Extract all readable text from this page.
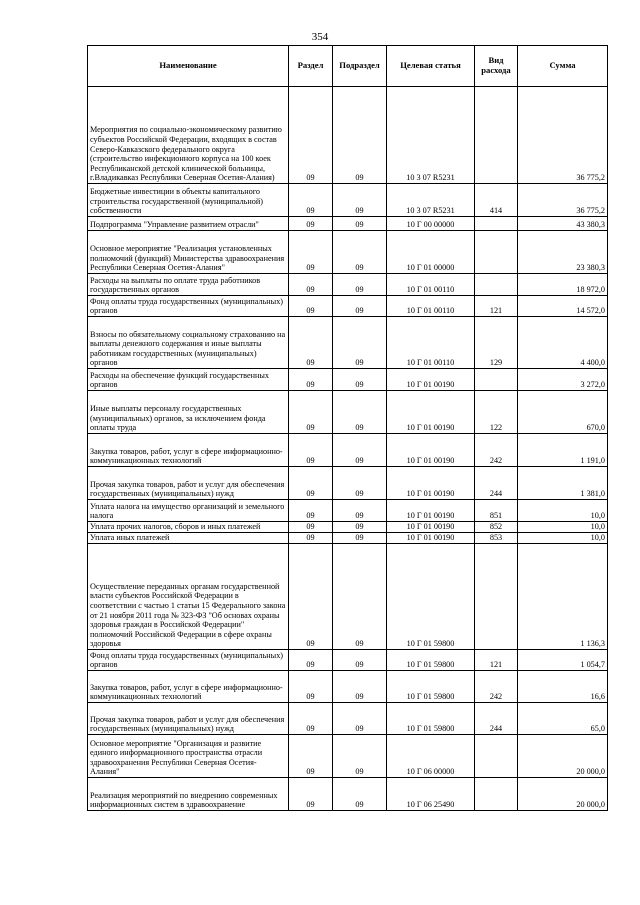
354
Наименование	Раздел	Подраздел	Целевая статья	Вид расхода	Сумма
Мероприятия по социально-экономическому развитию субъектов Российской Федерации, входящих в состав Северо-Кавказского федерального округа (строительство инфекционного корпуса на 100 коек Республиканской детской клинической больницы, г.Владикавказ Республики Северная Осетия-Алания)	09	09	10 3 07 R5231		36 775,2
Бюджетные инвестиции в объекты капитального строительства государственной (муниципальной) собственности	09	09	10 3 07 R5231	414	36 775,2
Подпрограмма "Управление развитием отрасли"	09	09	10 Г 00 00000		43 380,3
Основное мероприятие "Реализация установленных полномочий (функций) Министерства здравоохранения Республики Северная Осетия-Алания"	09	09	10 Г 01 00000		23 380,3
Расходы на выплаты по оплате труда работников государственных органов	09	09	10 Г 01 00110		18 972,0
Фонд оплаты труда государственных (муниципальных) органов	09	09	10 Г 01 00110	121	14 572,0
Взносы по обязательному социальному страхованию на выплаты денежного содержания и иные выплаты работникам государственных (муниципальных) органов	09	09	10 Г 01 00110	129	4 400,0
Расходы на обеспечение функций государственных органов	09	09	10 Г 01 00190		3 272,0
Иные выплаты персоналу государственных (муниципальных) органов, за исключением фонда оплаты труда	09	09	10 Г 01 00190	122	670,0
Закупка товаров, работ, услуг в сфере информационно-коммуникационных технологий	09	09	10 Г 01 00190	242	1 191,0
Прочая закупка товаров, работ и услуг для обеспечения государственных (муниципальных) нужд	09	09	10 Г 01 00190	244	1 381,0
Уплата налога на имущество организаций и земельного налога	09	09	10 Г 01 00190	851	10,0
Уплата прочих налогов, сборов и иных платежей	09	09	10 Г 01 00190	852	10,0
Уплата иных платежей	09	09	10 Г 01 00190	853	10,0
Осуществление переданных органам государственной власти субъектов Российской Федерации в соответствии с частью 1 статьи 15 Федерального закона от 21 ноября 2011 года № 323-ФЗ "Об основах охраны здоровья граждан в Российской Федерации" полномочий Российской Федерации в сфере охраны здоровья	09	09	10 Г 01 59800		1 136,3
Фонд оплаты труда государственных (муниципальных) органов	09	09	10 Г 01 59800	121	1 054,7
Закупка товаров, работ, услуг в сфере информационно-коммуникационных технологий	09	09	10 Г 01 59800	242	16,6
Прочая закупка товаров, работ и услуг для обеспечения государственных (муниципальных) нужд	09	09	10 Г 01 59800	244	65,0
Основное мероприятие "Организация и развитие единого информационного пространства отрасли здравоохранения Республики Северная Осетия-Алания"	09	09	10 Г 06 00000		20 000,0
Реализация мероприятий по внедрению современных информационных систем в здравоохранение	09	09	10 Г 06 25490		20 000,0
